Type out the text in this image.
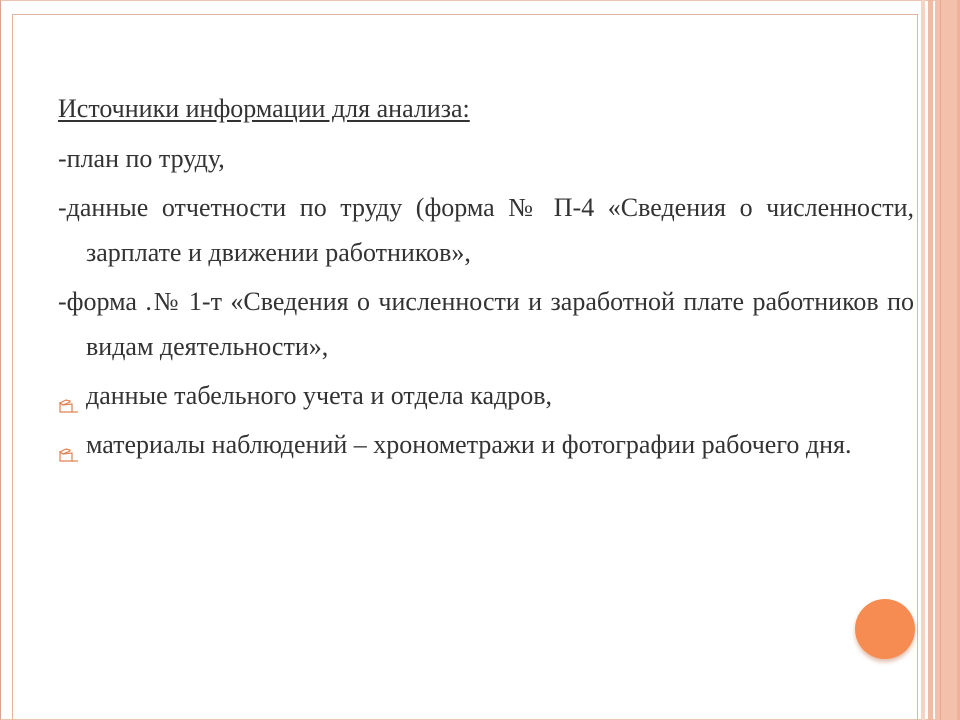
Источники информации для анализа:
-план по труду,
-данные отчетности по труду (форма № П-4 «Сведения о численности, зарплате и движении работников»,
-форма .№ 1-т «Сведения о численности и заработной плате работников по видам деятельности»,
данные табельного учета и отдела кадров,
материалы наблюдений – хронометражи и фотографии рабочего дня.
